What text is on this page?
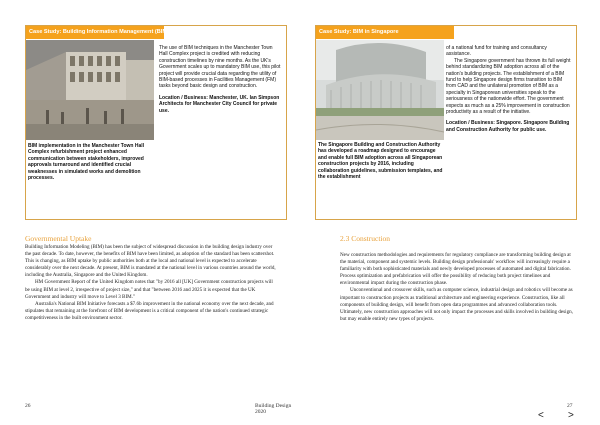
Case Study: Building Information Management (BIM) in the UK

The use of BIM techniques in the Manchester Town Hall Complex project is credited with reducing construction timelines by nine months. As the UK's Government scales up to mandatory BIM use, this pilot project will provide crucial data regarding the utility of BIM-based processes in Facilities Management (FM) tasks beyond basic design and construction.

Location / Business: Manchester, UK. Ian Simpson Architects for Manchester City Council for private use.

BIM implementation in the Manchester Town Hall Complex refurbishment project enhanced communication between stakeholders, improved approvals turnaround and identified crucial weaknesses in simulated works and demolition processes.
Governmental Uptake

Building Information Modeling (BIM) has been the subject of widespread discussion in the building design industry over the past decade. To date, however, the benefits of BIM have been limited, as adoption of the standard has been scattershot. This is changing, as BIM uptake by public authorities both at the local and national level is expected to accelerate considerably over the next decade. At present, BIM is mandated at the national level in various countries around the world, including the Australia, Singapore and the United Kingdom.

HM Government Report of the United Kingdom notes that "by 2016 all [UK] Government construction projects will be using BIM at level 2, irrespective of project size," and that "between 2016 and 2025 it is expected that the UK Government and industry will move to Level 3 BIM."

Australia's National BIM Initiative forecasts a $7.6b improvement in the national economy over the next decade, and stipulates that remaining at the forefront of BIM development is a critical component of the nation's continued strategic competitiveness in the built environment sector.

26	Building Design 2020
Case Study: BIM in Singapore

of a national fund for training and consultancy assistance.

The Singapore government has thrown its full weight behind standardizing BIM adoption across all of the nation's building projects. The establishment of a BIM fund to help Singapore design firms transition to BIM from CAD and the unilateral promotion of BIM as a specialty in Singaporean universities speak to the seriousness of the nationwide effort. The government expects as much as a 25% improvement in construction productivity as a result of the initiative.

Location / Business: Singapore. Singapore Building and Construction Authority for public use.

The Singapore Building and Construction Authority has developed a roadmap designed to encourage and enable full BIM adoption across all Singaporean construction projects by 2016, including collaboration guidelines, submission templates, and the establishment
2.3 Construction

New construction methodologies and requirements for regulatory compliance are transforming building design at the material, component and systemic levels. Building design professionals' workflow will increasingly require a familiarity with both sophisticated materials and newly developed processes of automated and digital fabrication. Process optimization and prefabrication will offer the possibility of reducing both project timelines and environmental impact during the construction phase.

Unconventional and crossover skills, such as computer science, industrial design and robotics will become as important to construction projects as traditional architecture and engineering experience. Construction, like all components of building design, will benefit from open data programmes and advanced collaboration tools. Ultimately, new construction approaches will not only impact the processes and skills involved in building design, but may enable entirely new types of projects.

27
< >
